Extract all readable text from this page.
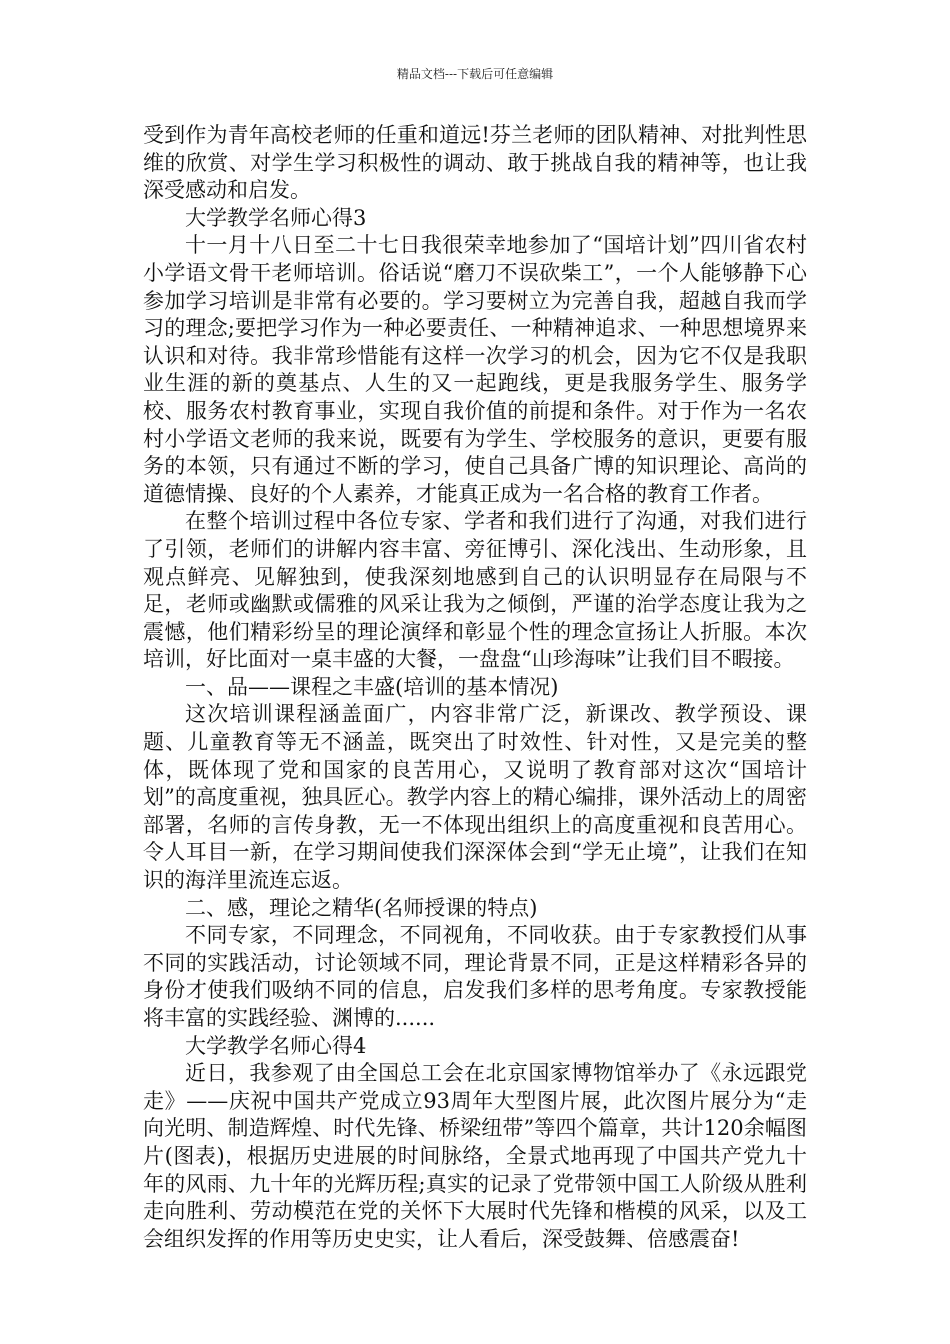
精品文档---下载后可任意编辑

受到作为青年高校老师的任重和道远!芬兰老师的团队精神、对批判性思维的欣赏、对学生学习积极性的调动、敢于挑战自我的精神等，也让我深受感动和启发。

大学教学名师心得3

十一月十八日至二十七日我很荣幸地参加了“国培计划”四川省农村小学语文骨干老师培训。俗话说“磨刀不误砍柴工”，一个人能够静下心参加学习培训是非常有必要的。学习要树立为完善自我，超越自我而学习的理念;要把学习作为一种必要责任、一种精神追求、一种思想境界来认识和对待。我非常珍惜能有这样一次学习的机会，因为它不仅是我职业生涯的新的奠基点、人生的又一起跑线，更是我服务学生、服务学校、服务农村教育事业，实现自我价值的前提和条件。对于作为一名农村小学语文老师的我来说，既要有为学生、学校服务的意识，更要有服务的本领，只有通过不断的学习，使自己具备广博的知识理论、高尚的道德情操、良好的个人素养，才能真正成为一名合格的教育工作者。

在整个培训过程中各位专家、学者和我们进行了沟通，对我们进行了引领，老师们的讲解内容丰富、旁征博引、深化浅出、生动形象，且观点鲜亮、见解独到，使我深刻地感到自己的认识明显存在局限与不足，老师或幽默或儒雅的风采让我为之倾倒，严谨的治学态度让我为之震憾，他们精彩纷呈的理论演绎和彰显个性的理念宣扬让人折服。本次培训，好比面对一桌丰盛的大餐，一盘盘“山珍海味”让我们目不暇接。

一、品——课程之丰盛(培训的基本情况)

这次培训课程涵盖面广，内容非常广泛，新课改、教学预设、课题、儿童教育等无不涵盖，既突出了时效性、针对性，又是完美的整体，既体现了党和国家的良苦用心，又说明了教育部对这次“国培计划”的高度重视，独具匠心。教学内容上的精心编排，课外活动上的周密部署，名师的言传身教，无一不体现出组织上的高度重视和良苦用心。令人耳目一新，在学习期间使我们深深体会到“学无止境”，让我们在知识的海洋里流连忘返。

二、感，理论之精华(名师授课的特点)

不同专家，不同理念，不同视角，不同收获。由于专家教授们从事不同的实践活动，讨论领域不同，理论背景不同，正是这样精彩各异的身份才使我们吸纳不同的信息，启发我们多样的思考角度。专家教授能将丰富的实践经验、渊博的......

大学教学名师心得4

近日，我参观了由全国总工会在北京国家博物馆举办了《永远跟党走》——庆祝中国共产党成立93周年大型图片展，此次图片展分为“走向光明、制造辉煌、时代先锋、桥梁纽带”等四个篇章，共计120余幅图片(图表)，根据历史进展的时间脉络，全景式地再现了中国共产党九十年的风雨、九十年的光辉历程;真实的记录了党带领中国工人阶级从胜利走向胜利、劳动模范在党的关怀下大展时代先锋和楷模的风采，以及工会组织发挥的作用等历史史实，让人看后，深受鼓舞、倍感震奋!
